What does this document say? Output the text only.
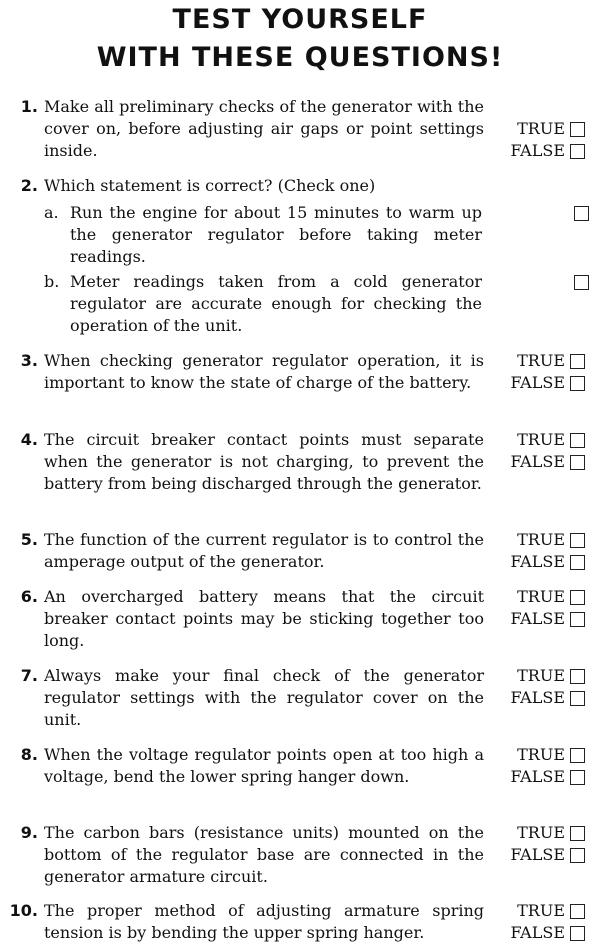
TEST YOURSELF
WITH THESE QUESTIONS!
1. Make all preliminary checks of the generator with the cover on, before adjusting air gaps or point settings inside.
TRUE
FALSE
2. Which statement is correct? (Check one)
a. Run the engine for about 15 minutes to warm up the generator regulator before taking meter readings.
b. Meter readings taken from a cold generator regulator are accurate enough for checking the operation of the unit.
3. When checking generator regulator operation, it is important to know the state of charge of the battery.
TRUE
FALSE
4. The circuit breaker contact points must separate when the generator is not charging, to prevent the battery from being discharged through the generator.
TRUE
FALSE
5. The function of the current regulator is to control the amperage output of the generator.
TRUE
FALSE
6. An overcharged battery means that the circuit breaker contact points may be sticking together too long.
TRUE
FALSE
7. Always make your final check of the generator regulator settings with the regulator cover on the unit.
TRUE
FALSE
8. When the voltage regulator points open at too high a voltage, bend the lower spring hanger down.
TRUE
FALSE
9. The carbon bars (resistance units) mounted on the bottom of the regulator base are connected in the generator armature circuit.
TRUE
FALSE
10. The proper method of adjusting armature spring tension is by bending the upper spring hanger.
TRUE
FALSE
